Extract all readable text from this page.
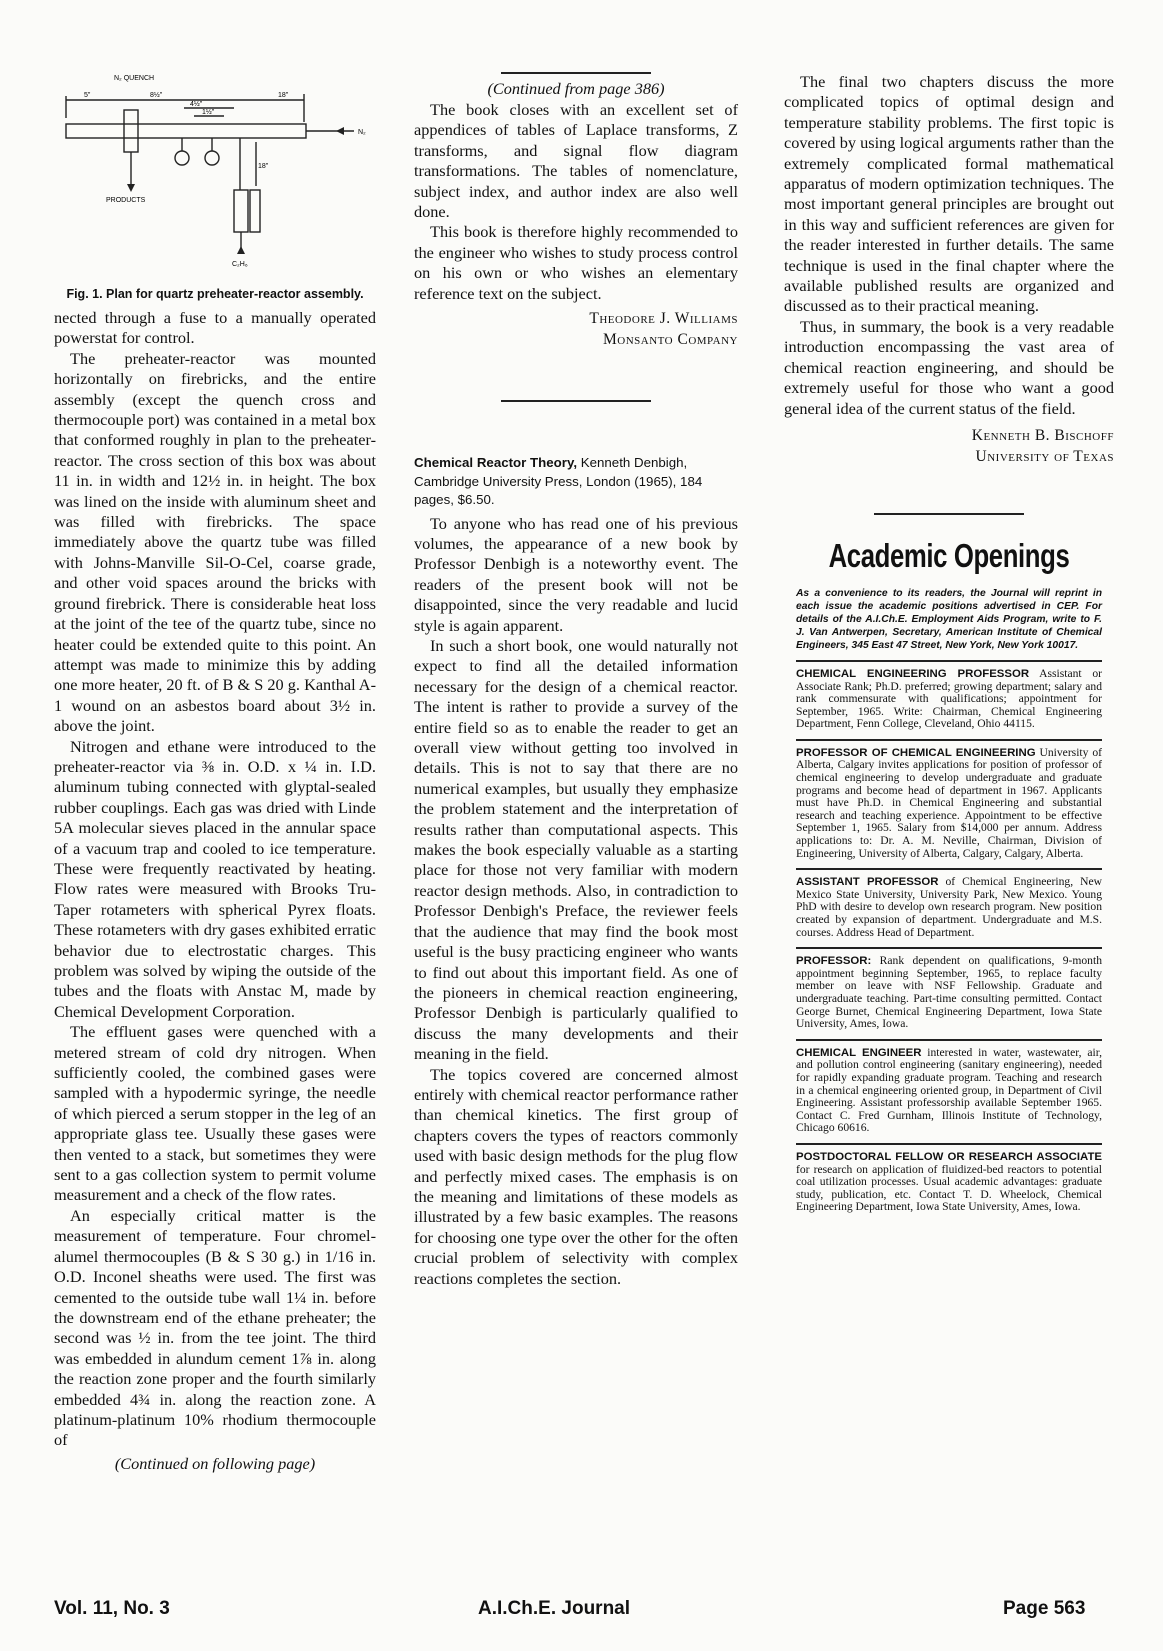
N₂ QUENCH
5"	8½"
4½"
1½"
18"
N₂
PRODUCTS
18"
C₂H₆
Fig. 1. Plan for quartz preheater-reactor assembly.

nected through a fuse to a manually operated powerstat for control.

The preheater-reactor was mounted horizontally on firebricks, and the entire assembly (except the quench cross and thermocouple port) was contained in a metal box that conformed roughly in plan to the preheater-reactor. The cross section of this box was about 11 in. in width and 12½ in. in height. The box was lined on the inside with aluminum sheet and was filled with firebricks. The space immediately above the quartz tube was filled with Johns-Manville Sil-O-Cel, coarse grade, and other void spaces around the bricks with ground firebrick. There is considerable heat loss at the joint of the tee of the quartz tube, since no heater could be extended quite to this point. An attempt was made to minimize this by adding one more heater, 20 ft. of B & S 20 g. Kanthal A-1 wound on an asbestos board about 3½ in. above the joint.

Nitrogen and ethane were introduced to the preheater-reactor via ⅜ in. O.D. x ¼ in. I.D. aluminum tubing connected with glyptal-sealed rubber couplings. Each gas was dried with Linde 5A molecular sieves placed in the annular space of a vacuum trap and cooled to ice temperature. These were frequently reactivated by heating. Flow rates were measured with Brooks Tru-Taper rotameters with spherical Pyrex floats. These rotameters with dry gases exhibited erratic behavior due to electrostatic charges. This problem was solved by wiping the outside of the tubes and the floats with Anstac M, made by Chemical Development Corporation.

The effluent gases were quenched with a metered stream of cold dry nitrogen. When sufficiently cooled, the combined gases were sampled with a hypodermic syringe, the needle of which pierced a serum stopper in the leg of an appropriate glass tee. Usually these gases were then vented to a stack, but sometimes they were sent to a gas collection system to permit volume measurement and a check of the flow rates.

An especially critical matter is the measurement of temperature. Four chromel-alumel thermocouples (B & S 30 g.) in 1/16 in. O.D. Inconel sheaths were used. The first was cemented to the outside tube wall 1¼ in. before the downstream end of the ethane preheater; the second was ½ in. from the tee joint. The third was embedded in alundum cement 1⅞ in. along the reaction zone proper and the fourth similarly embedded 4¾ in. along the reaction zone. A platinum-platinum 10% rhodium thermocouple of

(Continued on following page)
(Continued from page 386)

The book closes with an excellent set of appendices of tables of Laplace transforms, Z transforms, and signal flow diagram transformations. The tables of nomenclature, subject index, and author index are also well done.

This book is therefore highly recommended to the engineer who wishes to study process control on his own or who wishes an elementary reference text on the subject.

Theodore J. Williams
Monsanto Company
Chemical Reactor Theory, Kenneth Denbigh, Cambridge University Press, London (1965), 184 pages, $6.50.

To anyone who has read one of his previous volumes, the appearance of a new book by Professor Denbigh is a noteworthy event. The readers of the present book will not be disappointed, since the very readable and lucid style is again apparent.

In such a short book, one would naturally not expect to find all the detailed information necessary for the design of a chemical reactor. The intent is rather to provide a survey of the entire field so as to enable the reader to get an overall view without getting too involved in details. This is not to say that there are no numerical examples, but usually they emphasize the problem statement and the interpretation of results rather than computational aspects. This makes the book especially valuable as a starting place for those not very familiar with modern reactor design methods. Also, in contradiction to Professor Denbigh's Preface, the reviewer feels that the audience that may find the book most useful is the busy practicing engineer who wants to find out about this important field. As one of the pioneers in chemical reaction engineering, Professor Denbigh is particularly qualified to discuss the many developments and their meaning in the field.

The topics covered are concerned almost entirely with chemical reactor performance rather than chemical kinetics. The first group of chapters covers the types of reactors commonly used with basic design methods for the plug flow and perfectly mixed cases. The emphasis is on the meaning and limitations of these models as illustrated by a few basic examples. The reasons for choosing one type over the other for the often crucial problem of selectivity with complex reactions completes the section.

The final two chapters discuss the more complicated topics of optimal design and temperature stability problems. The first topic is covered by using logical arguments rather than the extremely complicated formal mathematical apparatus of modern optimization techniques. The most important general principles are brought out in this way and sufficient references are given for the reader interested in further details. The same technique is used in the final chapter where the available published results are organized and discussed as to their practical meaning.

Thus, in summary, the book is a very readable introduction encompassing the vast area of chemical reaction engineering, and should be extremely useful for those who want a good general idea of the current status of the field.

Kenneth B. Bischoff
University of Texas
Academic Openings
As a convenience to its readers, the Journal will reprint in each issue the academic positions advertised in CEP. For details of the A.I.Ch.E. Employment Aids Program, write to F. J. Van Antwerpen, Secretary, American Institute of Chemical Engineers, 345 East 47 Street, New York, New York 10017.
CHEMICAL ENGINEERING PROFESSOR Assistant or Associate Rank; Ph.D. preferred; growing department; salary and rank commensurate with qualifications; appointment for September, 1965. Write: Chairman, Chemical Engineering Department, Fenn College, Cleveland, Ohio 44115.
PROFESSOR OF CHEMICAL ENGINEERING University of Alberta, Calgary invites applications for position of professor of chemical engineering to develop undergraduate and graduate programs and become head of department in 1967. Applicants must have Ph.D. in Chemical Engineering and substantial research and teaching experience. Appointment to be effective September 1, 1965. Salary from $14,000 per annum. Address applications to: Dr. A. M. Neville, Chairman, Division of Engineering, University of Alberta, Calgary, Calgary, Alberta.
ASSISTANT PROFESSOR of Chemical Engineering, New Mexico State University, University Park, New Mexico. Young PhD with desire to develop own research program. New position created by expansion of department. Undergraduate and M.S. courses. Address Head of Department.
PROFESSOR: Rank dependent on qualifications, 9-month appointment beginning September, 1965, to replace faculty member on leave with NSF Fellowship. Graduate and undergraduate teaching. Part-time consulting permitted. Contact George Burnet, Chemical Engineering Department, Iowa State University, Ames, Iowa.
CHEMICAL ENGINEER interested in water, wastewater, air, and pollution control engineering (sanitary engineering), needed for rapidly expanding graduate program. Teaching and research in a chemical engineering oriented group, in Department of Civil Engineering. Assistant professorship available September 1965. Contact C. Fred Gurnham, Illinois Institute of Technology, Chicago 60616.
POSTDOCTORAL FELLOW OR RESEARCH ASSOCIATE for research on application of fluidized-bed reactors to potential coal utilization processes. Usual academic advantages: graduate study, publication, etc. Contact T. D. Wheelock, Chemical Engineering Department, Iowa State University, Ames, Iowa.
Vol. 11, No. 3	A.I.Ch.E. Journal	Page 563
